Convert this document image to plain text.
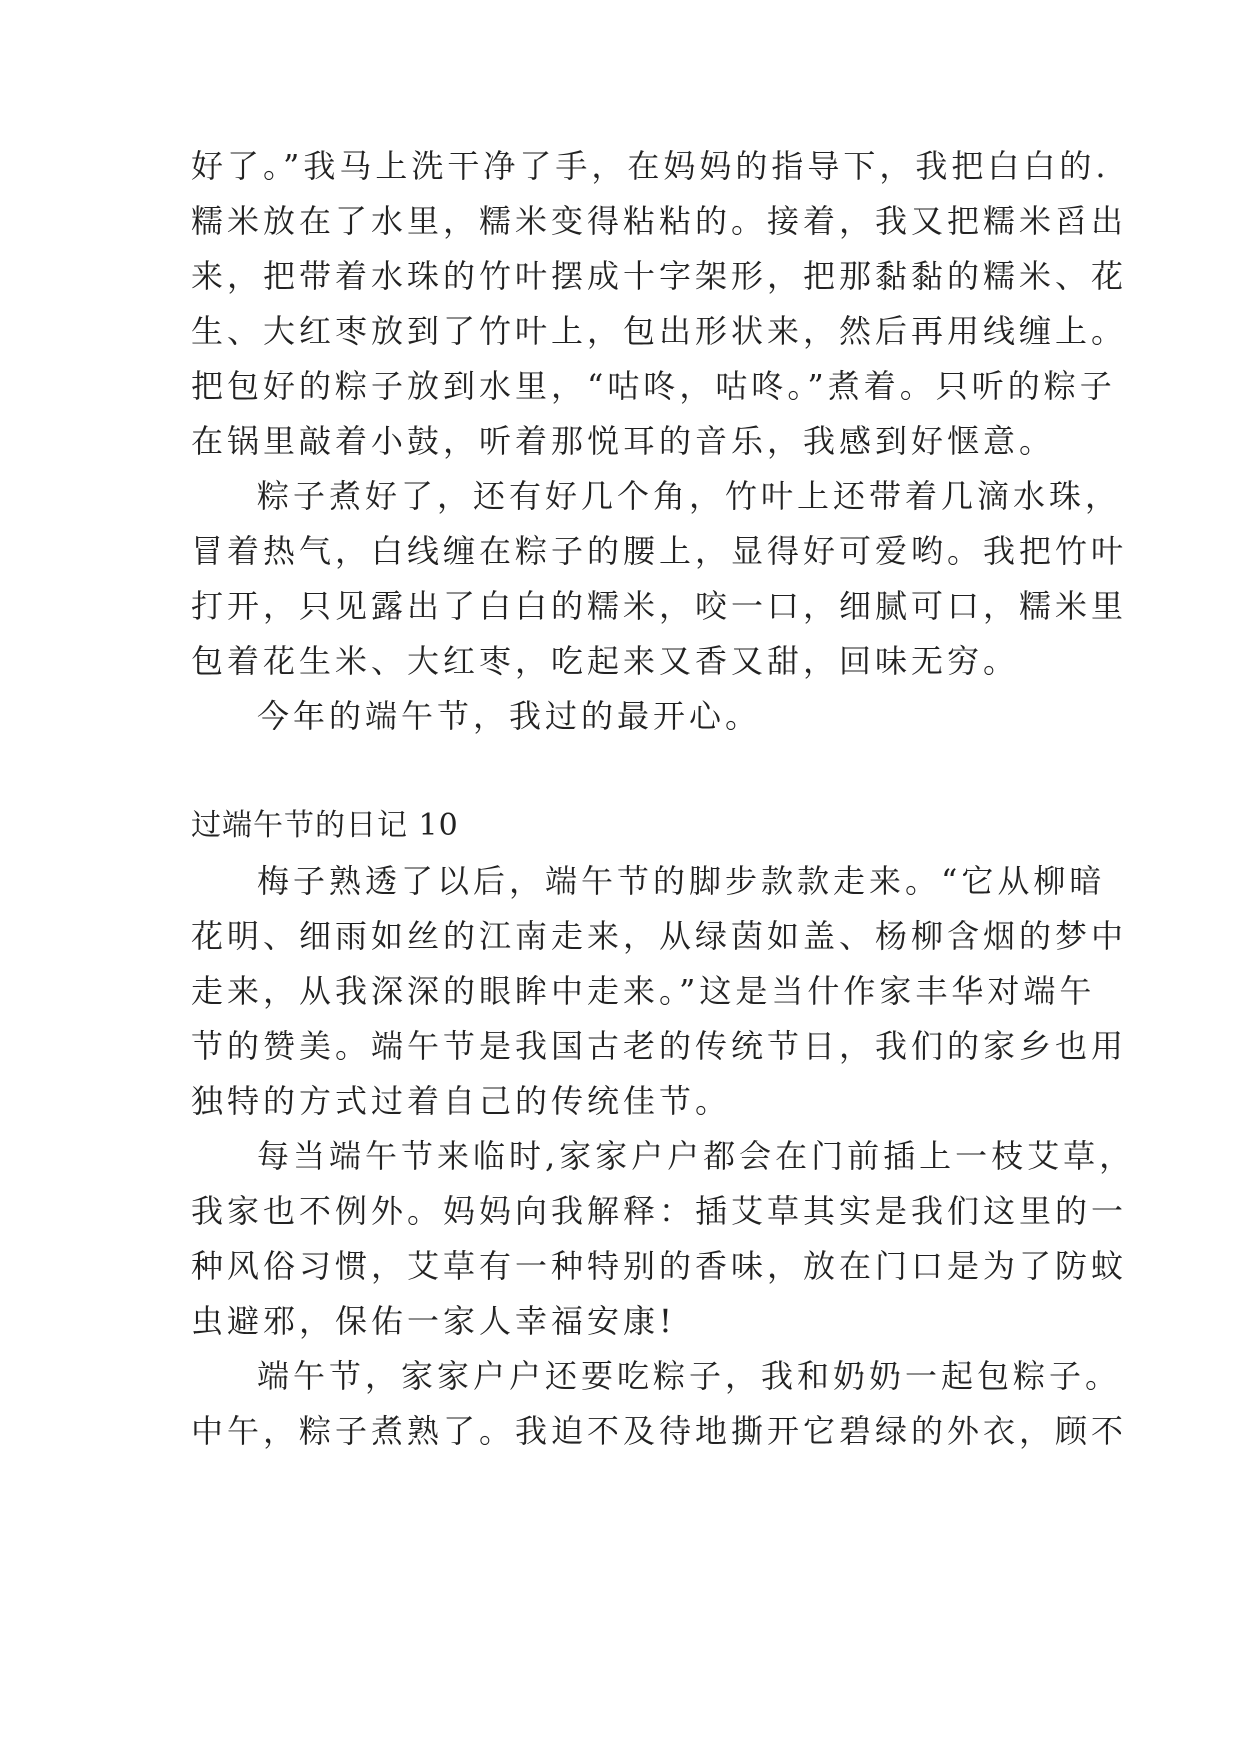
好了。”我马上洗干净了手，在妈妈的指导下，我把白白的.

糯米放在了水里，糯米变得粘粘的。接着，我又把糯米舀出

来，把带着水珠的竹叶摆成十字架形，把那黏黏的糯米、花

生、大红枣放到了竹叶上，包出形状来，然后再用线缠上。

把包好的粽子放到水里，“咕咚，咕咚。”煮着。只听的粽子

在锅里敲着小鼓，听着那悦耳的音乐，我感到好惬意。

粽子煮好了，还有好几个角，竹叶上还带着几滴水珠，

冒着热气，白线缠在粽子的腰上，显得好可爱哟。我把竹叶

打开，只见露出了白白的糯米，咬一口，细腻可口，糯米里

包着花生米、大红枣，吃起来又香又甜，回味无穷。

今年的端午节，我过的最开心。

过端午节的日记 10

梅子熟透了以后，端午节的脚步款款走来。“它从柳暗

花明、细雨如丝的江南走来，从绿茵如盖、杨柳含烟的梦中

走来，从我深深的眼眸中走来。”这是当什作家丰华对端午

节的赞美。端午节是我国古老的传统节日，我们的家乡也用

独特的方式过着自己的传统佳节。

每当端午节来临时,家家户户都会在门前插上一枝艾草，

我家也不例外。妈妈向我解释：插艾草其实是我们这里的一

种风俗习惯，艾草有一种特别的香味，放在门口是为了防蚊

虫避邪，保佑一家人幸福安康!

端午节，家家户户还要吃粽子，我和奶奶一起包粽子。

中午，粽子煮熟了。我迫不及待地撕开它碧绿的外衣，顾不
